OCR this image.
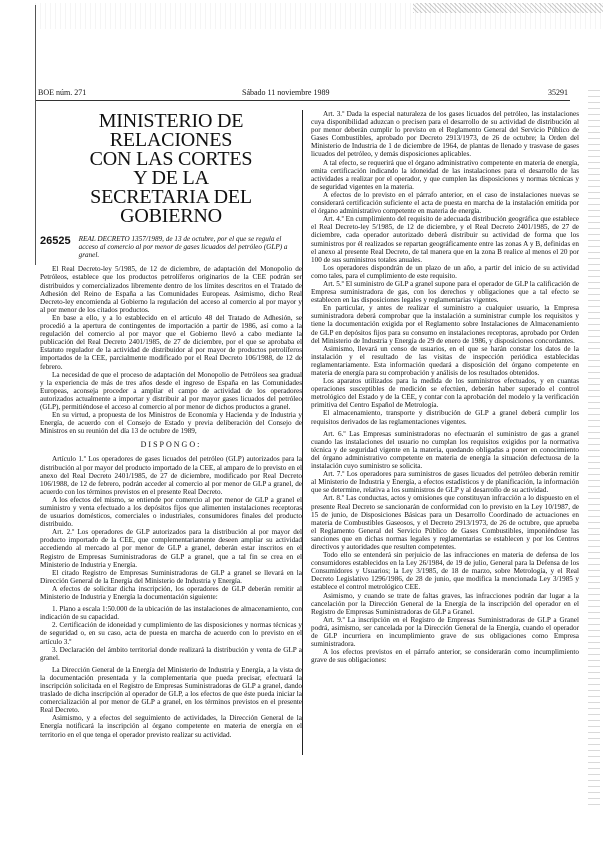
BOE núm. 271	Sábado 11 noviembre 1989	35291
MINISTERIO DE RELACIONES
CON LAS CORTES
Y DE LA
SECRETARIA DEL GOBIERNO
26525 REAL DECRETO 1357/1989, de 13 de octubre, por el que se regula el acceso al comercio al por menor de gases licuados del petróleo (GLP) a granel.

El Real Decreto-ley 5/1985, de 12 de diciembre, de adaptación del Monopolio de Petróleos, establece que los productos petrolíferos originarios de la CEE podrán ser distribuidos y comercializados libremente dentro de los límites descritos en el Tratado de Adhesión del Reino de España a las Comunidades Europeas. Asimismo, dicho Real Decreto-ley encomienda al Gobierno la regulación del acceso al comercio al por mayor y al por menor de los citados productos.

En base a ello, y a lo establecido en el artículo 48 del Tratado de Adhesión, se procedió a la apertura de contingentes de importación a partir de 1986, así como a la regulación del comercio al por mayor que el Gobierno llevó a cabo mediante la publicación del Real Decreto 2401/1985, de 27 de diciembre, por el que se aprobaba el Estatuto regulador de la actividad de distribuidor al por mayor de productos petrolíferos importados de la CEE, parcialmente modificado por el Real Decreto 106/1988, de 12 de febrero.

La necesidad de que el proceso de adaptación del Monopolio de Petróleos sea gradual y la experiencia de más de tres años desde el ingreso de España en las Comunidades Europeas, aconseja proceder a ampliar el campo de actividad de los operadores autorizados actualmente a importar y distribuir al por mayor gases licuados del petróleo (GLP), permitiéndose el acceso al comercio al por menor de dichos productos a granel.

En su virtud, a propuesta de los Ministros de Economía y Hacienda y de Industria y Energía, de acuerdo con el Consejo de Estado y previa deliberación del Consejo de Ministros en su reunión del día 13 de octubre de 1989,

DISPONGO:

Artículo 1.º Los operadores de gases licuados del petróleo (GLP) autorizados para la distribución al por mayor del producto importado de la CEE, al amparo de lo previsto en el anexo del Real Decreto 2401/1985, de 27 de diciembre, modificado por Real Decreto 106/1988, de 12 de febrero, podrán acceder al comercio al por menor de GLP a granel, de acuerdo con los términos previstos en el presente Real Decreto.

A los efectos del mismo, se entiende por comercio al por menor de GLP a granel el suministro y venta efectuado a los depósitos fijos que alimenten instalaciones receptoras de usuarios domésticos, comerciales o industriales, consumidores finales del producto distribuido.

Art. 2.º Los operadores de GLP autorizados para la distribución al por mayor del producto importado de la CEE, que complementariamente deseen ampliar su actividad accediendo al mercado al por menor de GLP a granel, deberán estar inscritos en el Registro de Empresas Suministradoras de GLP a granel, que a tal fin se crea en el Ministerio de Industria y Energía.

El citado Registro de Empresas Suministradoras de GLP a granel se llevará en la Dirección General de la Energía del Ministerio de Industria y Energía.

A efectos de solicitar dicha inscripción, los operadores de GLP deberán remitir al Ministerio de Industria y Energía la documentación siguiente:

1. Plano a escala 1:50.000 de la ubicación de las instalaciones de almacenamiento, con indicación de su capacidad.

2. Certificación de idoneidad y cumplimiento de las disposiciones y normas técnicas y de seguridad o, en su caso, acta de puesta en marcha de acuerdo con lo previsto en el artículo 3.º

3. Declaración del ámbito territorial donde realizará la distribución y venta de GLP a granel.

La Dirección General de la Energía del Ministerio de Industria y Energía, a la vista de la documentación presentada y la complementaria que pueda precisar, efectuará la inscripción solicitada en el Registro de Empresas Suministradoras de GLP a granel, dando traslado de dicha inscripción al operador de GLP, a los efectos de que éste pueda iniciar la comercialización al por menor de GLP a granel, en los términos previstos en el presente Real Decreto.

Asimismo, y a efectos del seguimiento de actividades, la Dirección General de la Energía notificará la inscripción al órgano competente en materia de energía en el territorio en el que tenga el operador previsto realizar su actividad.

Art. 3.º Dada la especial naturaleza de los gases licuados del petróleo, las instalaciones cuya disponibilidad aduzcan o precisen para el desarrollo de su actividad de distribución al por menor deberán cumplir lo previsto en el Reglamento General del Servicio Público de Gases Combustibles, aprobado por Decreto 2913/1973, de 26 de octubre; la Orden del Ministerio de Industria de 1 de diciembre de 1964, de plantas de llenado y trasvase de gases licuados del petróleo, y demás disposiciones aplicables.

A tal efecto, se requerirá que el órgano administrativo competente en materia de energía, emita certificación indicando la idoneidad de las instalaciones para el desarrollo de las actividades a realizar por el operador, y que cumplen las disposiciones y normas técnicas y de seguridad vigentes en la materia.

A efectos de lo previsto en el párrafo anterior, en el caso de instalaciones nuevas se considerará certificación suficiente el acta de puesta en marcha de la instalación emitida por el órgano administrativo competente en materia de energía.

Art. 4.º En cumplimiento del requisito de adecuada distribución geográfica que establece el Real Decreto-ley 5/1985, de 12 de diciembre, y el Real Decreto 2401/1985, de 27 de diciembre, cada operador autorizado deberá distribuir su actividad de forma que los suministros por él realizados se repartan geográficamente entre las zonas A y B, definidas en el anexo al presente Real Decreto, de tal manera que en la zona B realice al menos el 20 por 100 de sus suministros totales anuales.

Los operadores dispondrán de un plazo de un año, a partir del inicio de su actividad como tales, para el cumplimiento de este requisito.

Art. 5.º El suministro de GLP a granel supone para el operador de GLP la calificación de Empresa suministradora de gas, con los derechos y obligaciones que a tal efecto se establecen en las disposiciones legales y reglamentarias vigentes.

En particular, y antes de realizar el suministro a cualquier usuario, la Empresa suministradora deberá comprobar que la instalación a suministrar cumple los requisitos y tiene la documentación exigida por el Reglamento sobre Instalaciones de Almacenamiento de GLP en depósitos fijos para su consumo en instalaciones receptoras, aprobado por Orden del Ministerio de Industria y Energía de 29 de enero de 1986, y disposiciones concordantes.

Asimismo, llevará un censo de usuarios, en el que se harán constar los datos de la instalación y el resultado de las visitas de inspección periódica establecidas reglamentariamente. Esta información quedará a disposición del órgano competente en materia de energía para su comprobación y análisis de los resultados obtenidos.

Los aparatos utilizados para la medida de los suministros efectuados, y en cuantas operaciones susceptibles de medición se efectúen, deberán haber superado el control metrológico del Estado y de la CEE, y contar con la aprobación del modelo y la verificación primitiva del Centro Español de Metrología.

El almacenamiento, transporte y distribución de GLP a granel deberá cumplir los requisitos derivados de las reglamentaciones vigentes.

Art. 6.º Las Empresas suministradoras no efectuarán el suministro de gas a granel cuando las instalaciones del usuario no cumplan los requisitos exigidos por la normativa técnica y de seguridad vigente en la materia, quedando obligadas a poner en conocimiento del órgano administrativo competente en materia de energía la situación defectuosa de la instalación cuyo suministro se solicita.

Art. 7.º Los operadores para suministros de gases licuados del petróleo deberán remitir al Ministerio de Industria y Energía, a efectos estadísticos y de planificación, la información que se determine, relativa a los suministros de GLP y al desarrollo de su actividad.

Art. 8.º Las conductas, actos y omisiones que constituyan infracción a lo dispuesto en el presente Real Decreto se sancionarán de conformidad con lo previsto en la Ley 10/1987, de 15 de junio, de Disposiciones Básicas para un Desarrollo Coordinado de actuaciones en materia de Combustibles Gaseosos, y el Decreto 2913/1973, de 26 de octubre, que aprueba el Reglamento General del Servicio Público de Gases Combustibles, imponiéndose las sanciones que en dichas normas legales y reglamentarias se establecen y por los Centros directivos y autoridades que resulten competentes.

Todo ello se entenderá sin perjuicio de las infracciones en materia de defensa de los consumidores establecidos en la Ley 26/1984, de 19 de julio, General para la Defensa de los Consumidores y Usuarios; la Ley 3/1985, de 18 de marzo, sobre Metrología, y el Real Decreto Legislativo 1296/1986, de 28 de junio, que modifica la mencionada Ley 3/1985 y establece el control metrológico CEE.

Asimismo, y cuando se trate de faltas graves, las infracciones podrán dar lugar a la cancelación por la Dirección General de la Energía de la inscripción del operador en el Registro de Empresas Suministradoras de GLP a Granel.

Art. 9.º La inscripción en el Registro de Empresas Suministradoras de GLP a Granel podrá, asimismo, ser cancelada por la Dirección General de la Energía, cuando el operador de GLP incurriera en incumplimiento grave de sus obligaciones como Empresa suministradora.

A los efectos previstos en el párrafo anterior, se considerarán como incumplimiento grave de sus obligaciones:
